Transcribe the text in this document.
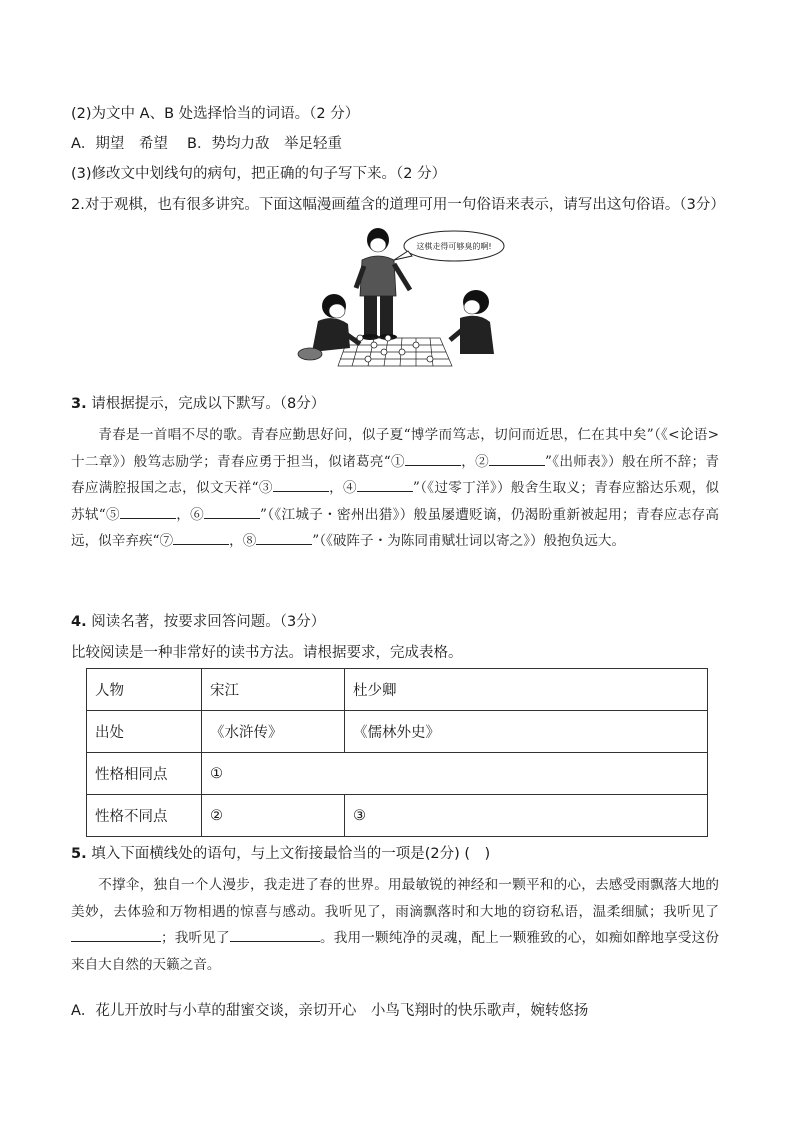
(2)为文中 A、B 处选择恰当的词语。（2 分）
A．期望　希望　 B．势均力敌　举足轻重
(3)修改文中划线句的病句，把正确的句子写下来。（2 分）
2.对于观棋，也有很多讲究。下面这幅漫画蕴含的道理可用一句俗语来表示，请写出这句俗语。（3分）
这棋走得可够臭的啊!
3. 请根据提示，完成以下默写。（8分）
青春是一首唱不尽的歌。青春应勤思好问，似子夏“博学而笃志，切问而近思，仁在其中矣”（《<论语>十二章》）般笃志励学；青春应勇于担当，似诸葛亮“①	，②	”《出师表》）般在所不辞；青春应满腔报国之志，似文天祥“③	，④	”（《过零丁洋》）般舍生取义；青春应豁达乐观，似苏轼“⑤	，⑥	”（《江城子・密州出猎》）般虽屡遭贬谪，仍渴盼重新被起用；青春应志存高远，似辛弃疾“⑦	，⑧	”（《破阵子・为陈同甫赋壮词以寄之》）般抱负远大。
4. 阅读名著，按要求回答问题。（3分）
比较阅读是一种非常好的读书方法。请根据要求，完成表格。
人物	宋江	杜少卿
出处	《水浒传》	《儒林外史》
性格相同点	①	
性格不同点	②	③
5. 填入下面横线处的语句，与上文衔接最恰当的一项是(2分) (　)
不撑伞，独自一个人漫步，我走进了春的世界。用最敏锐的神经和一颗平和的心，去感受雨飘落大地的美妙，去体验和万物相遇的惊喜与感动。我听见了，雨滴飘落时和大地的窃窃私语，温柔细腻；我听见了；我听见了	。我用一颗纯净的灵魂，配上一颗雅致的心，如痴如醉地享受这份来自大自然的天籁之音。
A．花儿开放时与小草的甜蜜交谈，亲切开心　小鸟飞翔时的快乐歌声，婉转悠扬
